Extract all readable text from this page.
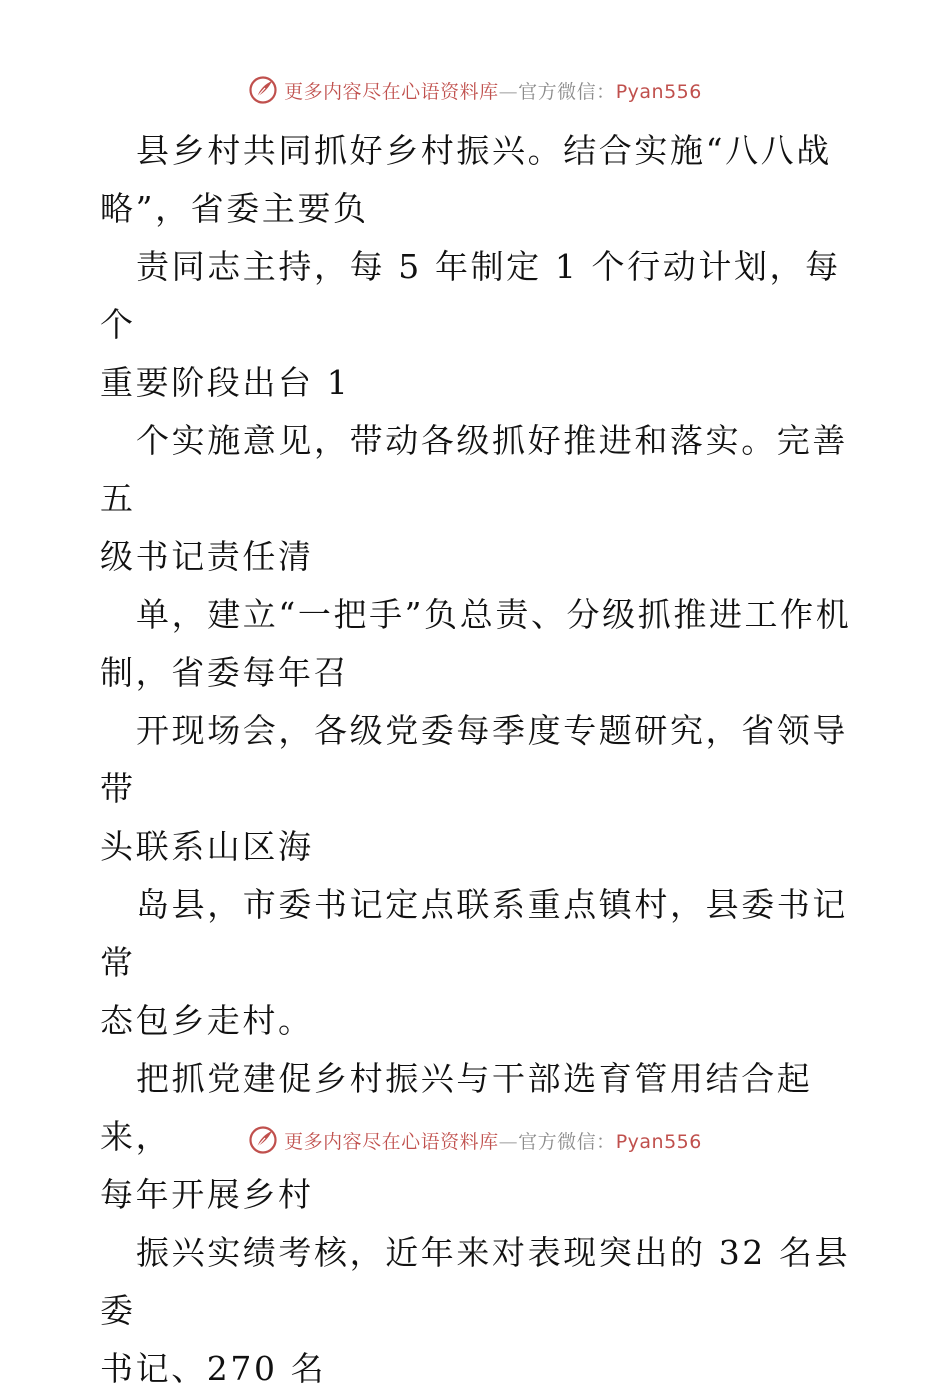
更多内容尽在心语资料库—官方微信：Pyan556

县乡村共同抓好乡村振兴。结合实施“八八战
略”，省委主要负

责同志主持，每 5 年制定 1 个行动计划，每个
重要阶段出台 1

个实施意见，带动各级抓好推进和落实。完善五
级书记责任清

单，建立“一把手”负总责、分级抓推进工作机
制，省委每年召

开现场会，各级党委每季度专题研究，省领导带
头联系山区海

岛县，市委书记定点联系重点镇村，县委书记常
态包乡走村。

把抓党建促乡村振兴与干部选育管用结合起来，
每年开展乡村

振兴实绩考核，近年来对表现突出的 32 名县委
书记、270 名

更多内容尽在心语资料库—官方微信：Pyan556
